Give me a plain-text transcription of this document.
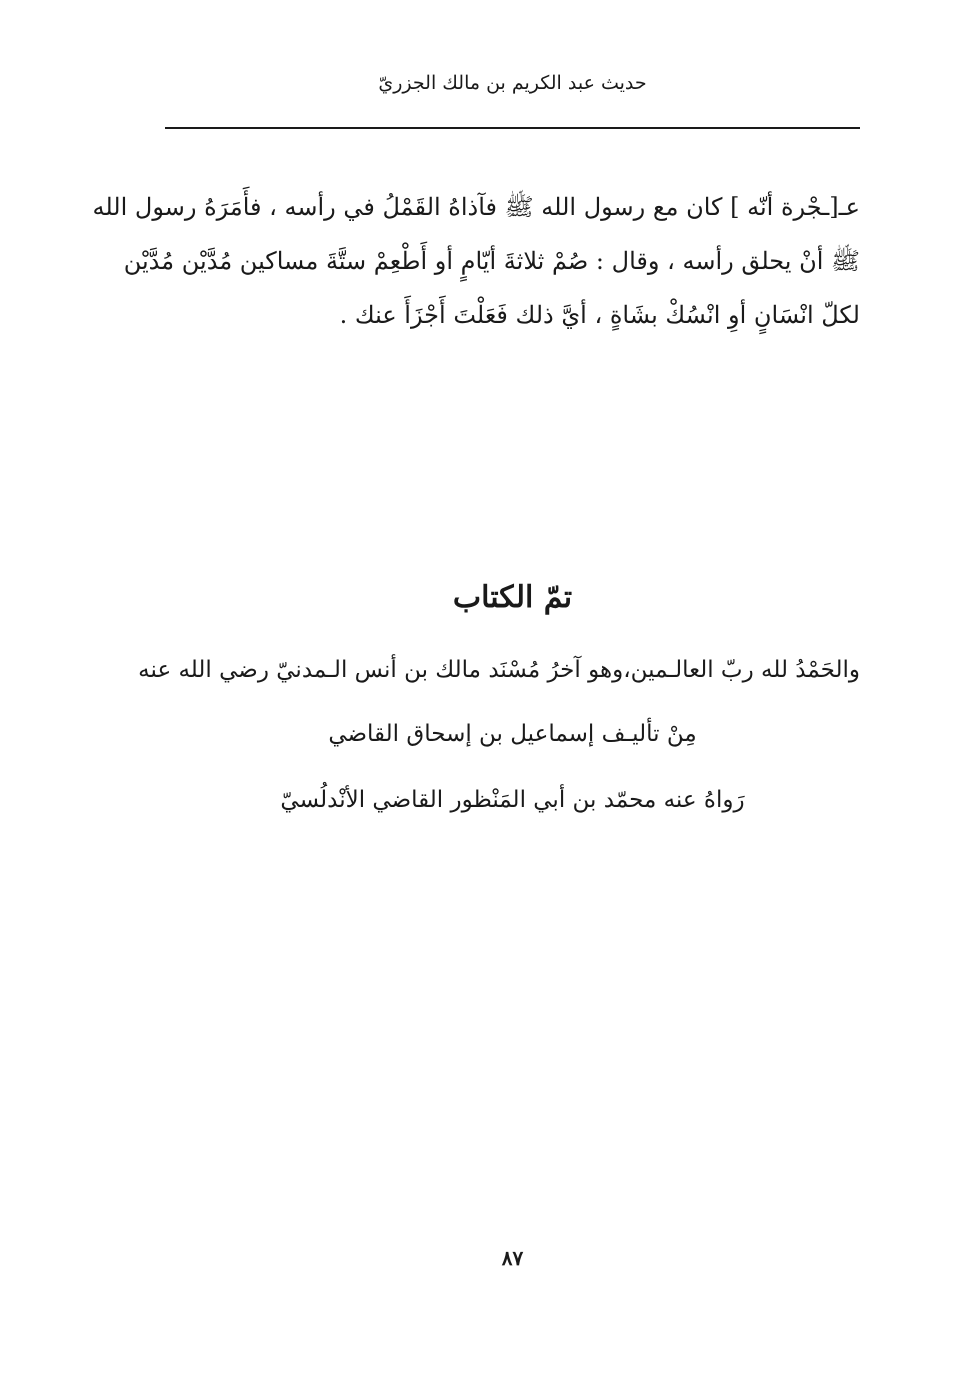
حديث عبد الكريم بن مالك الجزريّ
عـ[ـجْرة أنّه ] كان مع رسول الله ﷺ فآذاهُ القَمْلُ في رأسه ، فأَمَرَهُ رسول الله
ﷺ أنْ يحلق رأسه ، وقال : صُمْ ثلاثةَ أيّامٍ أو أَطْعِمْ ستَّةَ مساكين مُدَّيْن مُدَّيْن
لكلّ انْسَانٍ أوِ انْسُكْ بشَاةٍ ، أيَّ ذلك فَعَلْتَ أَجْزَأَ عنك .
تمّ الكتاب
والحَمْدُ لله ربّ العالـمين،وهو آخرُ مُسْنَد مالك بن أنس الـمدنيّ رضي الله عنه
مِنْ تأليـف إسماعيل بن إسحاق القاضي
رَواهُ عنه محمّد بن أبي المَنْظور القاضي الأنْدلُسيّ
٨٧
